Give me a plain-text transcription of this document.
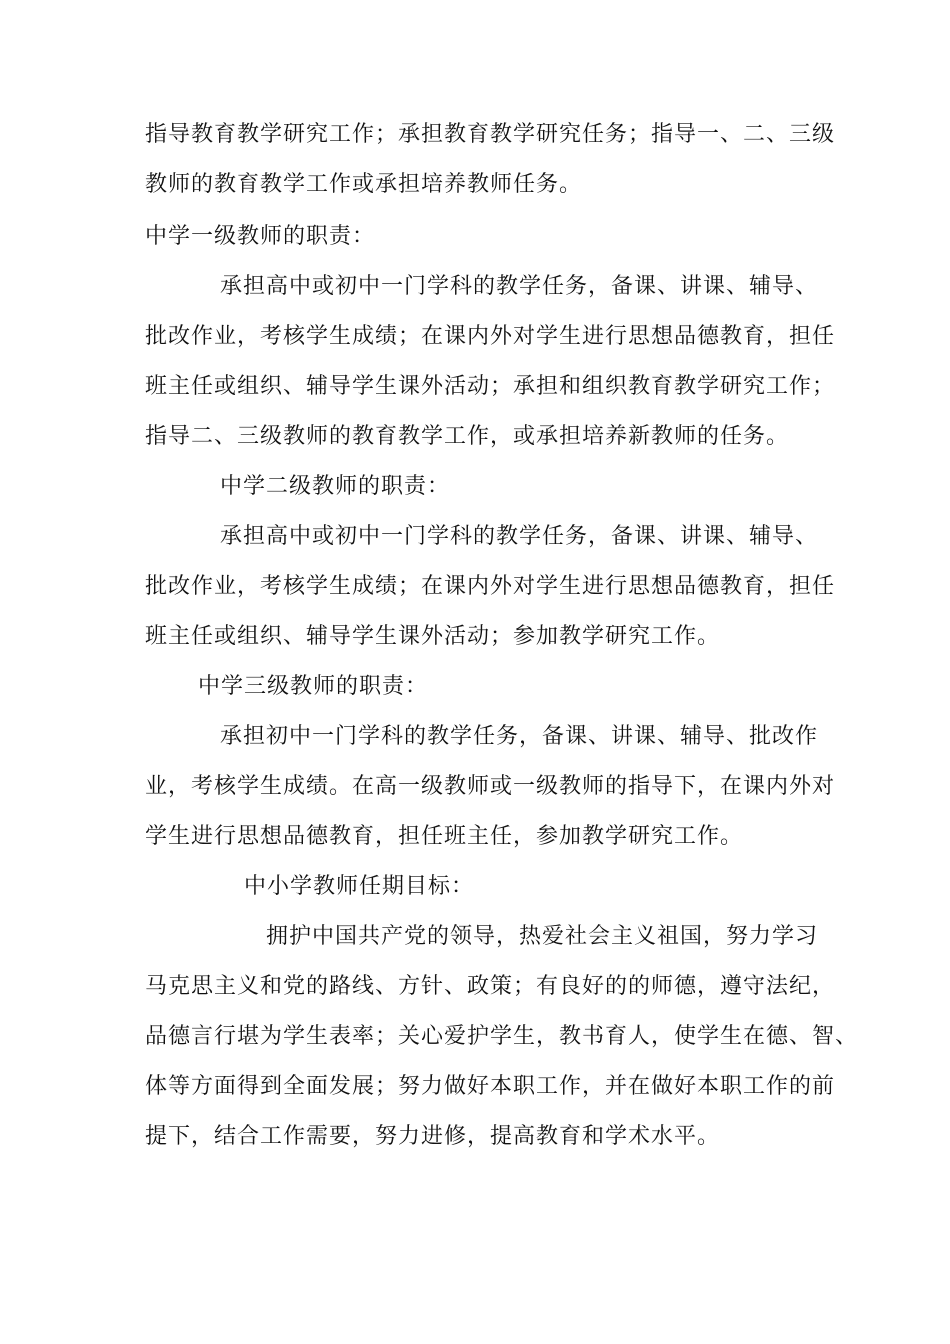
指导教育教学研究工作；承担教育教学研究任务；指导一、二、三级
教师的教育教学工作或承担培养教师任务。
中学一级教师的职责：
承担高中或初中一门学科的教学任务，备课、讲课、辅导、
批改作业，考核学生成绩；在课内外对学生进行思想品德教育，担任
班主任或组织、辅导学生课外活动；承担和组织教育教学研究工作；
指导二、三级教师的教育教学工作，或承担培养新教师的任务。
中学二级教师的职责：
承担高中或初中一门学科的教学任务，备课、讲课、辅导、
批改作业，考核学生成绩；在课内外对学生进行思想品德教育，担任
班主任或组织、辅导学生课外活动；参加教学研究工作。
中学三级教师的职责：
承担初中一门学科的教学任务，备课、讲课、辅导、批改作
业，考核学生成绩。在高一级教师或一级教师的指导下，在课内外对
学生进行思想品德教育，担任班主任，参加教学研究工作。
中小学教师任期目标：
拥护中国共产党的领导，热爱社会主义祖国，努力学习
马克思主义和党的路线、方针、政策；有良好的的师德，遵守法纪，
品德言行堪为学生表率；关心爱护学生，教书育人，使学生在德、智、
体等方面得到全面发展；努力做好本职工作，并在做好本职工作的前
提下，结合工作需要，努力进修，提高教育和学术水平。
